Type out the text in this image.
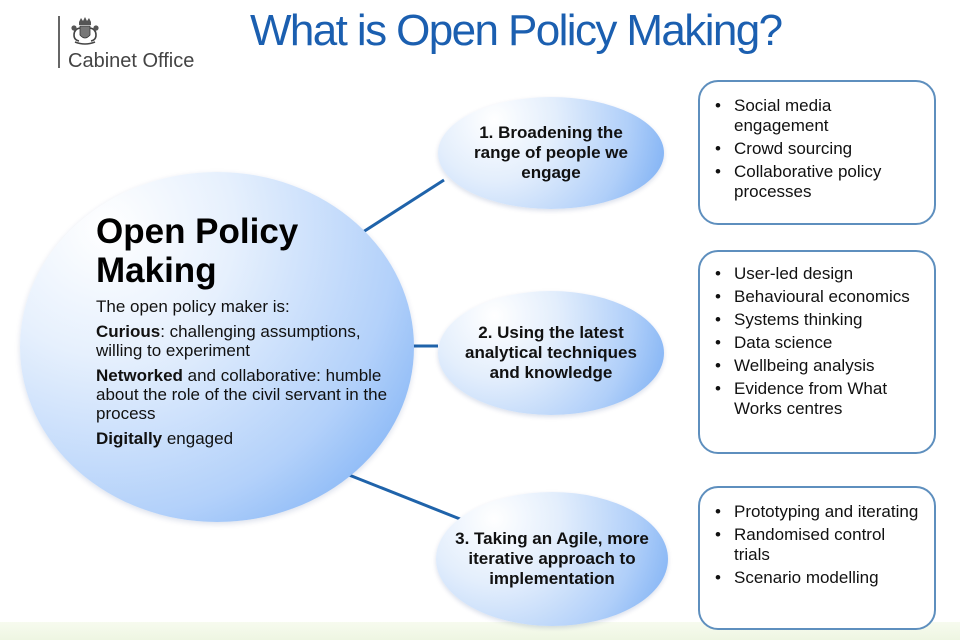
Cabinet Office
What is Open Policy Making?
Open Policy
Making

The open policy maker is:

Curious: challenging assumptions, willing to experiment

Networked and collaborative: humble about the role of the civil servant in the process

Digitally engaged

1. Broadening the range of people we engage
2. Using the latest analytical techniques and knowledge
3. Taking an Agile, more iterative approach to implementation
• Social media engagement
• Crowd sourcing
• Collaborative policy processes
• User-led design
• Behavioural economics
• Systems thinking
• Data science
• Wellbeing analysis
• Evidence from What Works centres
• Prototyping and iterating
• Randomised control trials
• Scenario modelling
